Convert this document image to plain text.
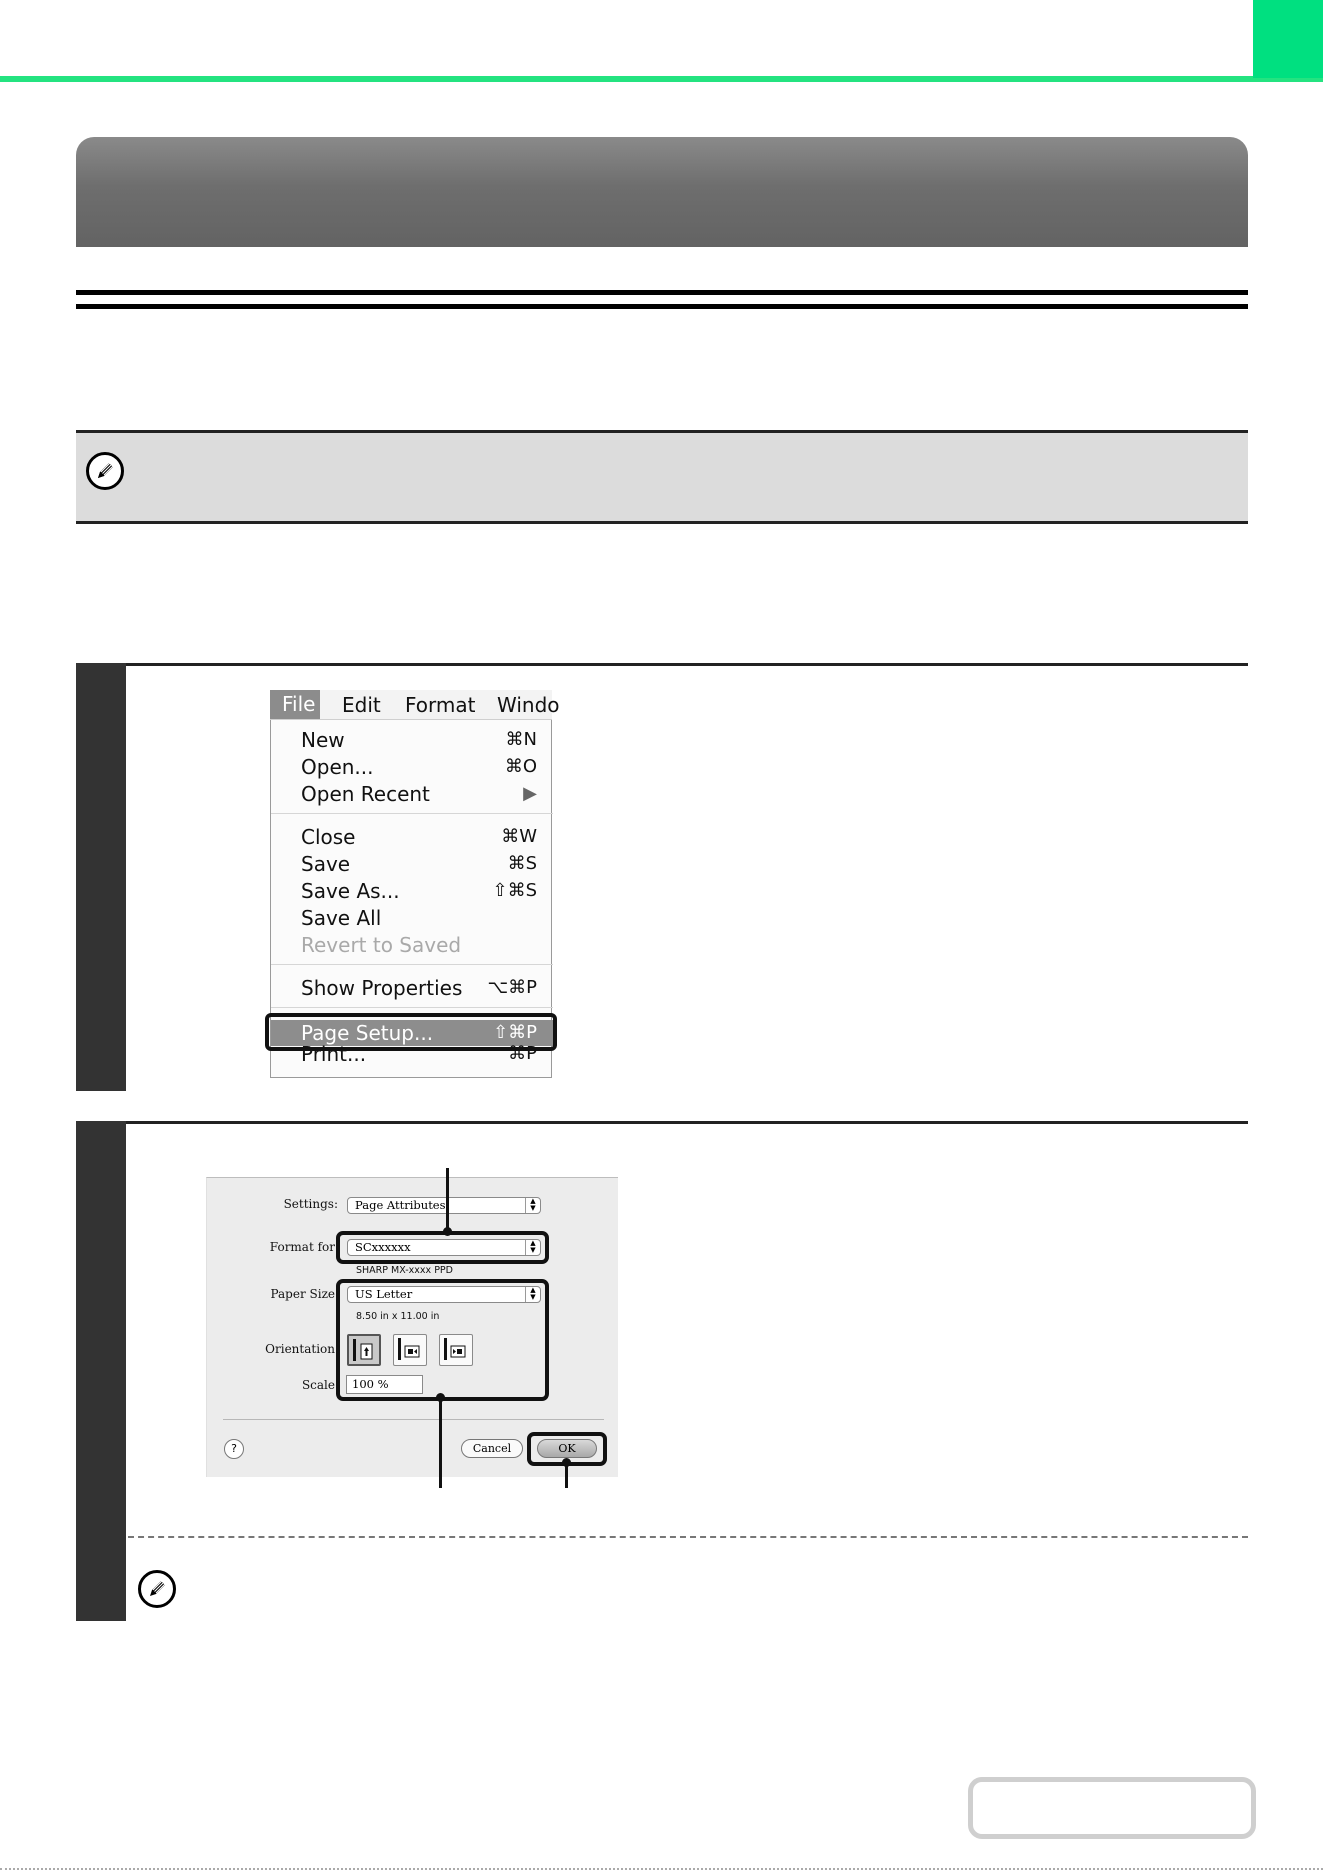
New	⌘N
Open...	⌘O
Open Recent	▶
Close	⌘W
Save	⌘S
Save As...	⇧⌘S
Save All
Revert to Saved
Show Properties ⌥⌘P
Page Setup...	⇧⌘P
Print...	⌘P
File Edit Format Windo
Settings:	Page Attributes	▲
▼
Format for	SCxxxxxx	▲
▼
SHARP MX-xxxx PPD
Paper Size	US Letter	▲
▼
8.50 in x 11.00 in
Orientation
Scale	100 %
?	Cancel	OK
